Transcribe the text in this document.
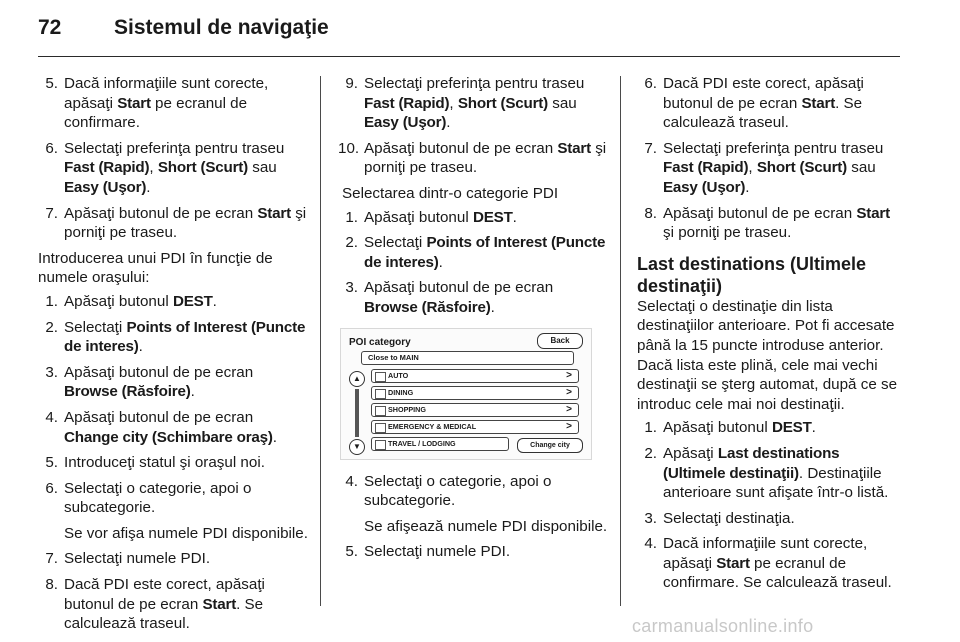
72	Sistemul de navigaţie
5. Dacă informaţiile sunt corecte, apăsaţi Start pe ecranul de confirmare.
6. Selectaţi preferinţa pentru traseu Fast (Rapid), Short (Scurt) sau Easy (Uşor).
7. Apăsaţi butonul de pe ecran Start şi porniţi pe traseu.
Introducerea unui PDI în funcţie de numele oraşului:
1. Apăsaţi butonul DEST.
2. Selectaţi Points of Interest (Puncte de interes).
3. Apăsaţi butonul de pe ecran Browse (Răsfoire).
4. Apăsaţi butonul de pe ecran Change city (Schimbare oraş).
5. Introduceţi statul şi oraşul noi.
6. Selectaţi o categorie, apoi o subcategorie.
Se vor afişa numele PDI disponibile.
7. Selectaţi numele PDI.
8. Dacă PDI este corect, apăsaţi butonul de pe ecran Start. Se calculează traseul.
9. Selectaţi preferinţa pentru traseu Fast (Rapid), Short (Scurt) sau Easy (Uşor).
10. Apăsaţi butonul de pe ecran Start şi porniţi pe traseu.
Selectarea dintr-o categorie PDI
1. Apăsaţi butonul DEST.
2. Selectaţi Points of Interest (Puncte de interes).
3. Apăsaţi butonul de pe ecran Browse (Răsfoire).
POI category	Back
Close to MAIN
▲
▼
AUTO	>
DINING	>
SHOPPING	>
EMERGENCY & MEDICAL	>
TRAVEL / LODGING	Change city
4. Selectaţi o categorie, apoi o subcategorie.
Se afişează numele PDI disponibile.
5. Selectaţi numele PDI.
6. Dacă PDI este corect, apăsaţi butonul de pe ecran Start. Se calculează traseul.
7. Selectaţi preferinţa pentru traseu Fast (Rapid), Short (Scurt) sau Easy (Uşor).
8. Apăsaţi butonul de pe ecran Start şi porniţi pe traseu.
Last destinations (Ultimele destinaţii)
Selectaţi o destinaţie din lista destinaţiilor anterioare. Pot fi accesate până la 15 puncte introduse anterior. Dacă lista este plină, cele mai vechi destinaţii se şterg automat, după ce se introduc cele mai noi destinaţii.
1. Apăsaţi butonul DEST.
2. Apăsaţi Last destinations (Ultimele destinaţii). Destinaţiile anterioare sunt afişate într-o listă.
3. Selectaţi destinaţia.
4. Dacă informaţiile sunt corecte, apăsaţi Start pe ecranul de confirmare. Se calculează traseul.
carmanualsonline.info
